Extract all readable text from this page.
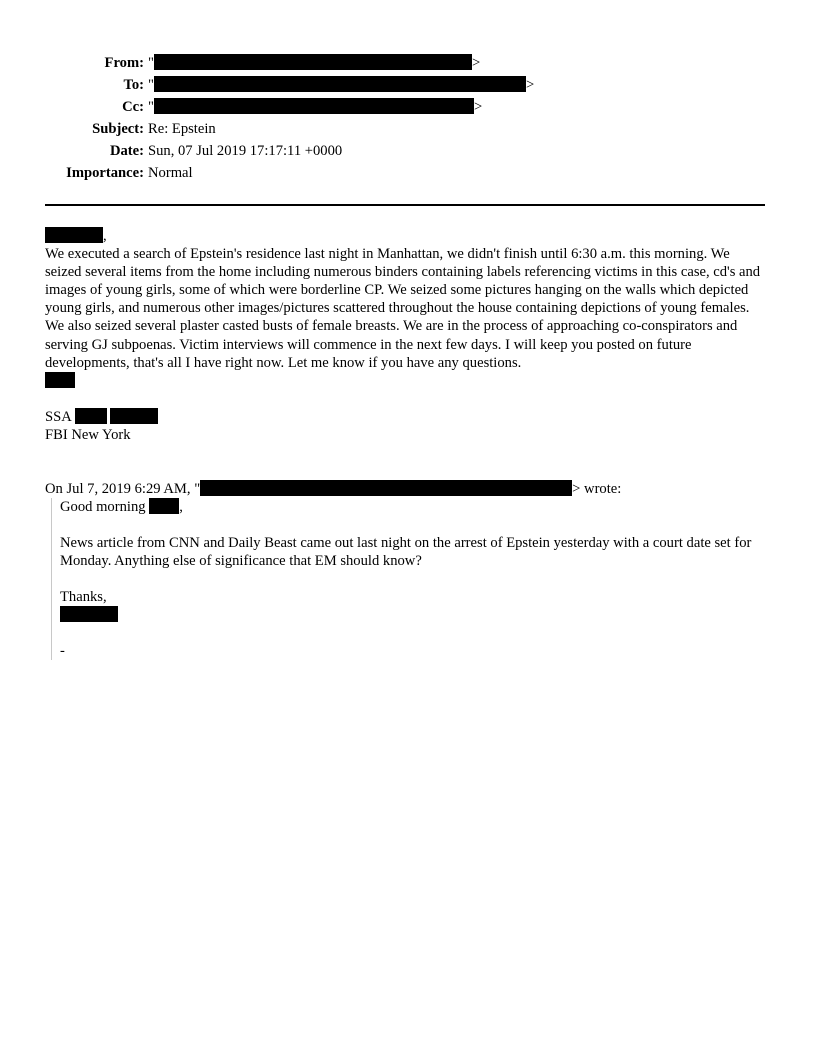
From: "	>
To: "	>
Cc: "	>
Subject: Re: Epstein
Date: Sun, 07 Jul 2019 17:17:11 +0000
Importance: Normal

,

We executed a search of Epstein's residence last night in Manhattan, we didn't finish until 6:30 a.m. this morning. We seized several items from the home including numerous binders containing labels referencing victims in this case, cd's and images of young girls, some of which were borderline CP. We seized some pictures hanging on the walls which depicted young girls, and numerous other images/pictures scattered throughout the house containing depictions of young females. We also seized several plaster casted busts of female breasts. We are in the process of approaching co-conspirators and serving GJ subpoenas. Victim interviews will commence in the next few days. I will keep you posted on future developments, that's all I have right now. Let me know if you have any questions.

SSA

FBI New York

On Jul 7, 2019 6:29 AM, "	> wrote:

Good morning ,

News article from CNN and Daily Beast came out last night on the arrest of Epstein yesterday with a court date set for Monday. Anything else of significance that EM should know?

Thanks,

-
